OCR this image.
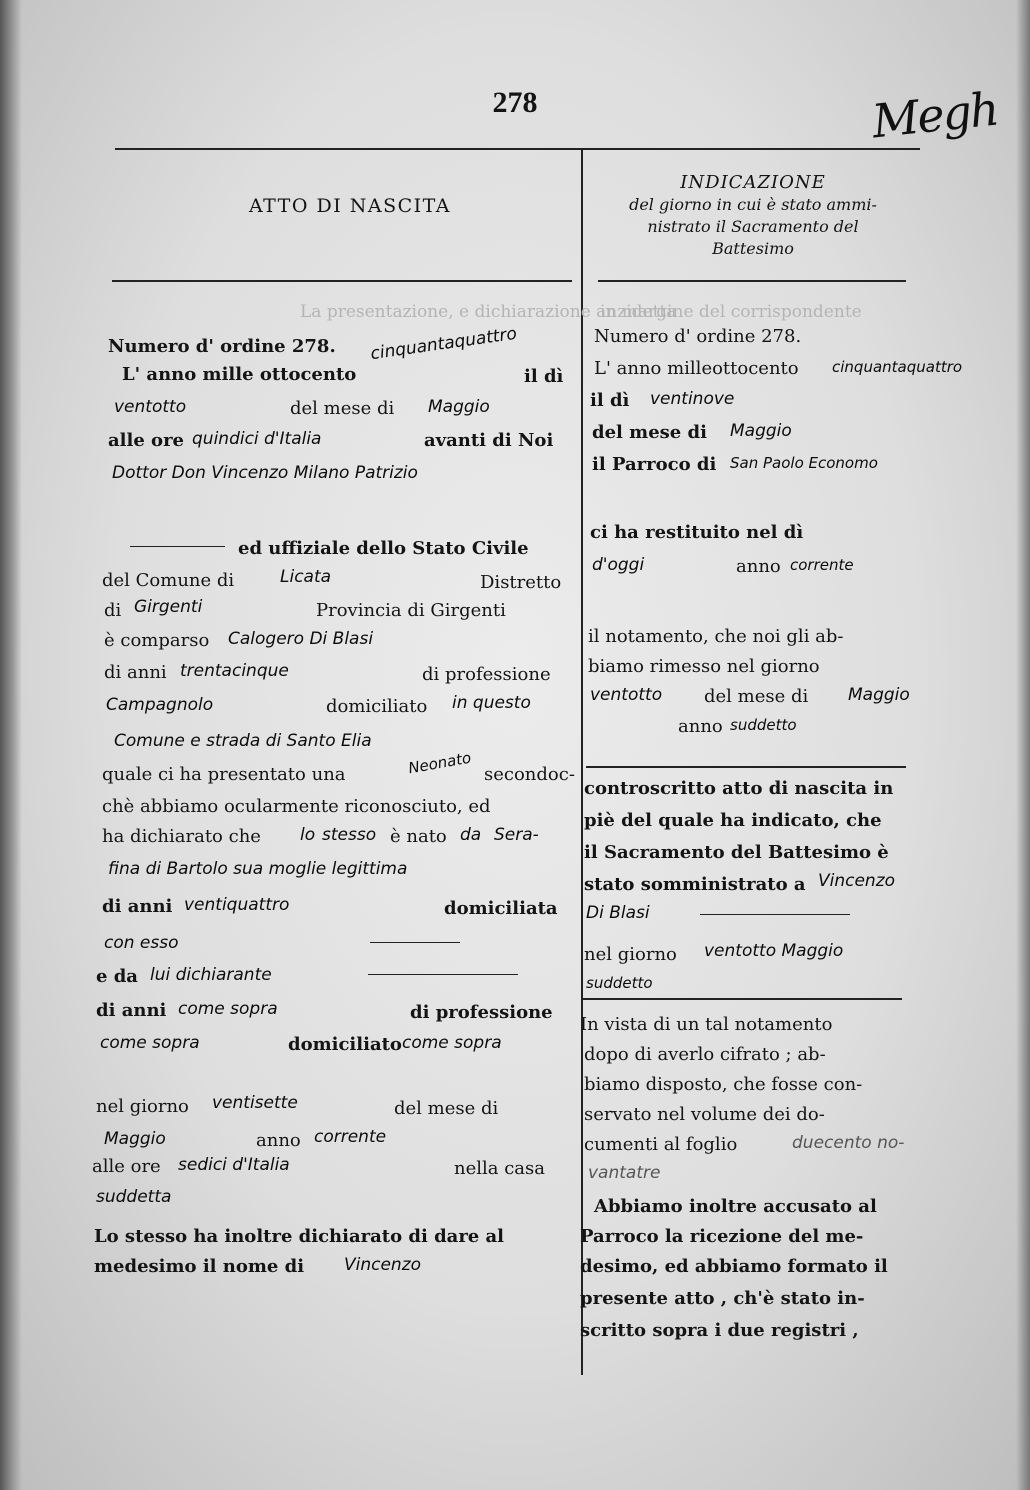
278	Megh
La presentazione, e dichiarazione anzidetta
in margine del corrispondente
ATTO DI NASCITA
INDICAZIONE
del giorno in cui è stato ammi-
nistrato il Sacramento del
Battesimo
Numero d' ordine 278. cinquantaquattro
L' anno mille ottocento	il dì
ventotto	del mese di Maggio
alle ore quindici d'Italia	avanti di Noi
Dottor Don Vincenzo Milano Patrizio
ed uffiziale dello Stato Civile
del Comune di	Licata	Distretto
di Girgenti	Provincia di Girgenti
è comparso Calogero Di Blasi
di anni trentacinque	di professione
Campagnolo	domiciliato in questo
Comune e strada di Santo Elia
quale ci ha presentato una	Neonato secondoc-
chè abbiamo ocularmente riconosciuto, ed
ha dichiarato che lo stesso è nato da Sera-
fina di Bartolo sua moglie legittima
di anni ventiquattro	domiciliata
con esso
e da lui dichiarante
di anni come sopra	di professione
come sopra	domiciliato come sopra
nel giorno ventisette	del mese di
Maggio	anno corrente
alle ore sedici d'Italia	nella casa
suddetta
Lo stesso ha inoltre dichiarato di dare al
medesimo il nome di Vincenzo
Numero d' ordine 278.
L' anno milleottocento cinquantaquattro
il dì ventinove
del mese di Maggio
il Parroco di San Paolo Economo
ci ha restituito nel dì
d'oggi	anno corrente
il notamento, che noi gli ab-
biamo rimesso nel giorno
ventotto del mese di Maggio
anno suddetto
controscritto atto di nascita in
piè del quale ha indicato, che
il Sacramento del Battesimo è
stato somministrato a Vincenzo
Di Blasi
nel giorno ventotto Maggio
suddetto
In vista di un tal notamento
dopo di averlo cifrato ; ab-
biamo disposto, che fosse con-
servato nel volume dei do-
cumenti al foglio	duecento no-
vantatre
Abbiamo inoltre accusato al
Parroco la ricezione del me-
desimo, ed abbiamo formato il
presente atto , ch'è stato in-
scritto sopra i due registri ,
